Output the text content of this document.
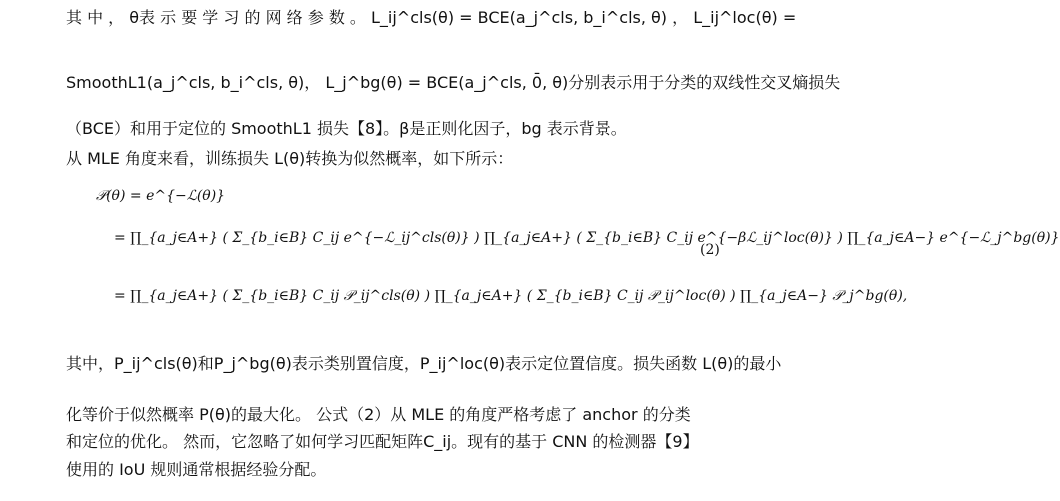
其 中 ， θ表 示 要 学 习 的 网 络 参 数 。 L_ij^cls(θ) = BCE(a_j^cls, b_i^cls, θ) ， L_ij^loc(θ) =
SmoothL1(a_j^cls, b_i^cls, θ)， L_j^bg(θ) = BCE(a_j^cls, 0̄, θ)分别表示用于分类的双线性交叉熵损失
（BCE）和用于定位的 SmoothL1 损失【8】。β是正则化因子，bg 表示背景。
从 MLE 角度来看，训练损失 L(θ)转换为似然概率，如下所示：
𝒫(θ) = e^{−ℒ(θ)}
= ∏_{a_j∈A+} ( Σ_{b_i∈B} C_ij e^{−ℒ_ij^cls(θ)} ) ∏_{a_j∈A+} ( Σ_{b_i∈B} C_ij e^{−βℒ_ij^loc(θ)} ) ∏_{a_j∈A−} e^{−ℒ_j^bg(θ)}
= ∏_{a_j∈A+} ( Σ_{b_i∈B} C_ij 𝒫_ij^cls(θ) ) ∏_{a_j∈A+} ( Σ_{b_i∈B} C_ij 𝒫_ij^loc(θ) ) ∏_{a_j∈A−} 𝒫_j^bg(θ),
(2)
其中，P_ij^cls(θ)和P_j^bg(θ)表示类别置信度，P_ij^loc(θ)表示定位置信度。损失函数 L(θ)的最小
化等价于似然概率 P(θ)的最大化。 公式（2）从 MLE 的角度严格考虑了 anchor 的分类
和定位的优化。 然而，它忽略了如何学习匹配矩阵C_ij。现有的基于 CNN 的检测器【9】
使用的 IoU 规则通常根据经验分配。
